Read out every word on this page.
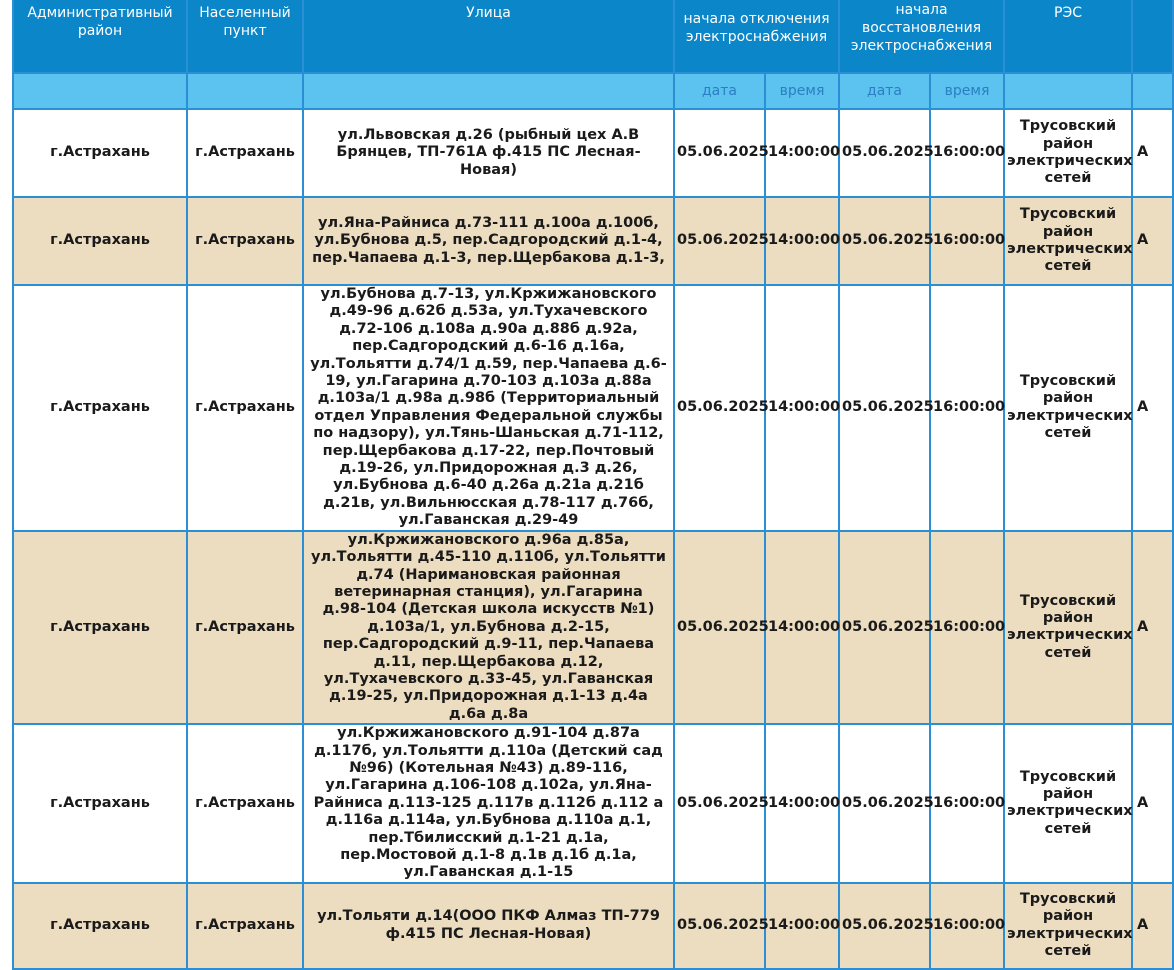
Административный район	Населенный пункт	Улица	начала отключения электроснабжения		начала восстановления электроснабжения		РЭС	
			дата	время	дата	время		
г.Астрахань	г.Астрахань	ул.Львовская д.26 (рыбный цех А.В Брянцев, ТП-761А ф.415 ПС Лесная-Новая)	05.06.2025	14:00:00	05.06.2025	16:00:00	Трусовский район электрических сетей	А
г.Астрахань	г.Астрахань	ул.Яна-Райниса д.73-111 д.100а д.100б, ул.Бубнова д.5, пер.Садгородский д.1-4, пер.Чапаева д.1-3, пер.Щербакова д.1-3,	05.06.2025	14:00:00	05.06.2025	16:00:00	Трусовский район электрических сетей	А
г.Астрахань	г.Астрахань	ул.Бубнова д.7-13, ул.Кржижановского д.49-96 д.62б д.53а, ул.Тухачевского д.72-106 д.108а д.90а д.88б д.92а, пер.Садгородский д.6-16 д.16а, ул.Тольятти д.74/1 д.59, пер.Чапаева д.6-19, ул.Гагарина д.70-103 д.103а д.88а д.103а/1 д.98а д.98б (Территориальный отдел Управления Федеральной службы по надзору), ул.Тянь-Шаньская д.71-112, пер.Щербакова д.17-22, пер.Почтовый д.19-26, ул.Придорожная д.3 д.26, ул.Бубнова д.6-40 д.26а д.21а д.21б д.21в, ул.Вильнюсская д.78-117 д.76б, ул.Гаванская д.29-49	05.06.2025	14:00:00	05.06.2025	16:00:00	Трусовский район электрических сетей	А
г.Астрахань	г.Астрахань	ул.Кржижановского д.96а д.85а, ул.Тольятти д.45-110 д.110б, ул.Тольятти д.74 (Наримановская районная ветеринарная станция), ул.Гагарина д.98-104 (Детская школа искусств №1) д.103а/1, ул.Бубнова д.2-15, пер.Садгородский д.9-11, пер.Чапаева д.11, пер.Щербакова д.12, ул.Тухачевского д.33-45, ул.Гаванская д.19-25, ул.Придорожная д.1-13 д.4а д.6а д.8а	05.06.2025	14:00:00	05.06.2025	16:00:00	Трусовский район электрических сетей	А
г.Астрахань	г.Астрахань	ул.Кржижановского д.91-104 д.87а д.117б, ул.Тольятти д.110а (Детский сад №96) (Котельная №43) д.89-116, ул.Гагарина д.106-108 д.102а, ул.Яна-Райниса д.113-125 д.117в д.112б д.112 а д.116а д.114а, ул.Бубнова д.110а д.1, пер.Тбилисский д.1-21 д.1а, пер.Мостовой д.1-8 д.1в д.1б д.1а, ул.Гаванская д.1-15	05.06.2025	14:00:00	05.06.2025	16:00:00	Трусовский район электрических сетей	А
г.Астрахань	г.Астрахань	ул.Тольяти д.14(ООО ПКФ Алмаз ТП-779 ф.415 ПС Лесная-Новая)	05.06.2025	14:00:00	05.06.2025	16:00:00	Трусовский район электрических сетей	А
